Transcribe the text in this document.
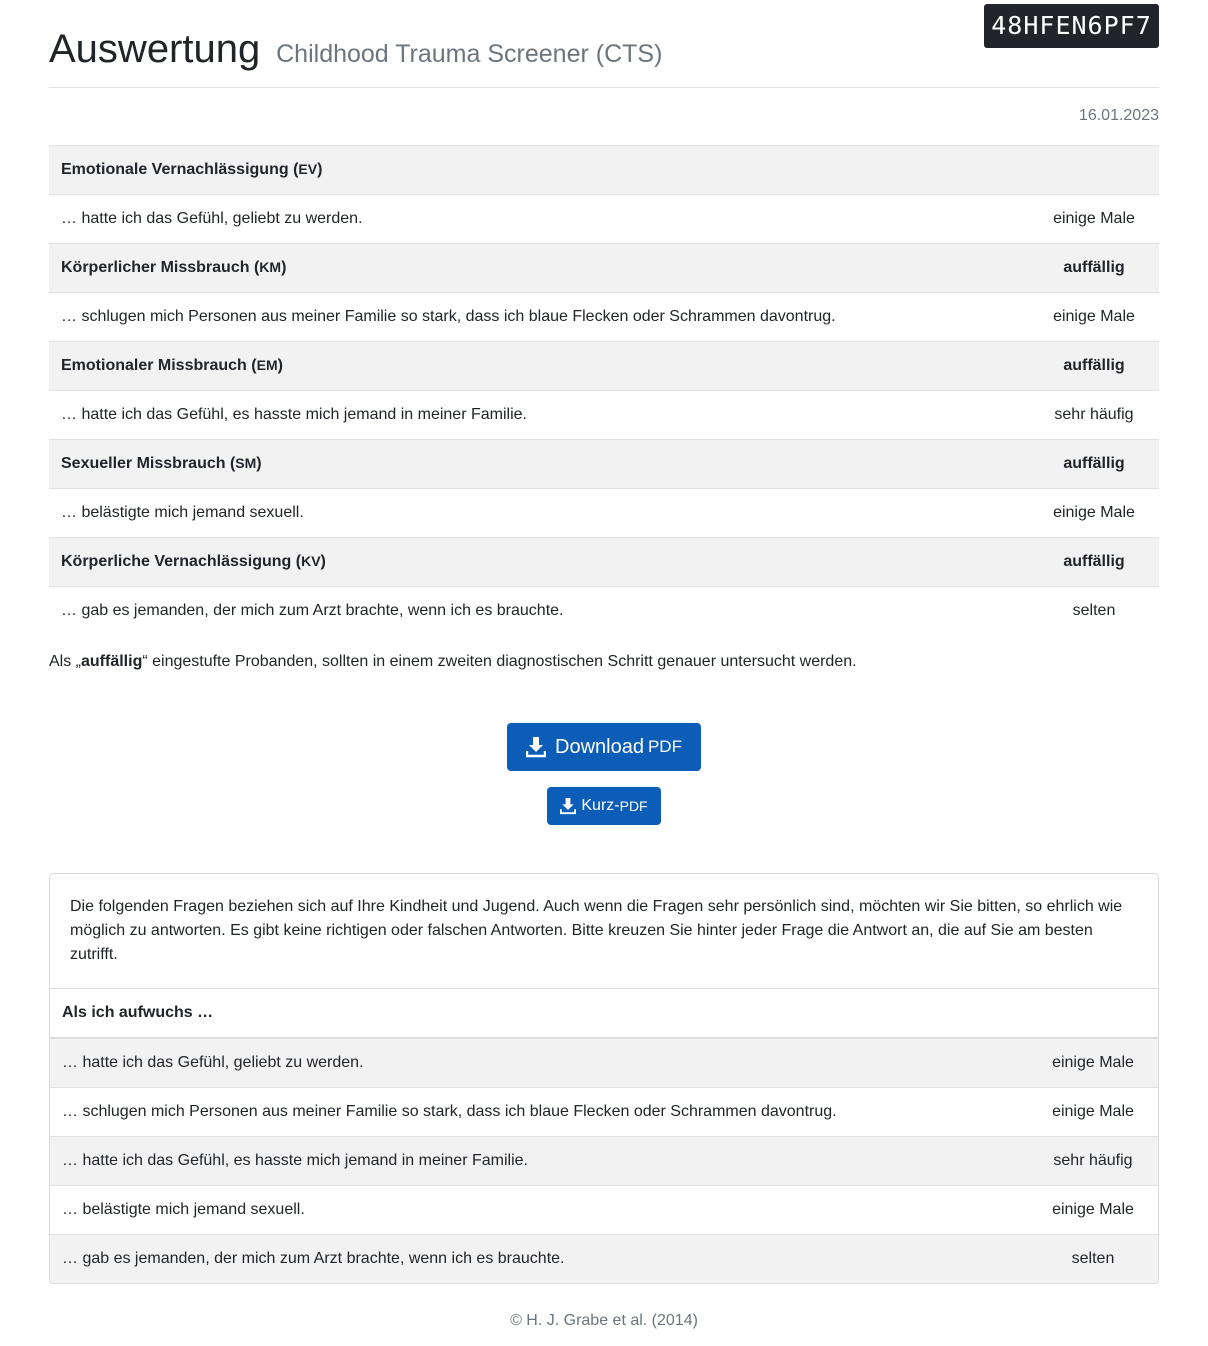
48HFEN6PF7
Auswertung Childhood Trauma Screener (CTS)
16.01.2023
Emotionale Vernachlässigung (EV)	
… hatte ich das Gefühl, geliebt zu werden.	einige Male
Körperlicher Missbrauch (KM)	auffällig
… schlugen mich Personen aus meiner Familie so stark, dass ich blaue Flecken oder Schrammen davontrug.	einige Male
Emotionaler Missbrauch (EM)	auffällig
… hatte ich das Gefühl, es hasste mich jemand in meiner Familie.	sehr häufig
Sexueller Missbrauch (SM)	auffällig
… belästigte mich jemand sexuell.	einige Male
Körperliche Vernachlässigung (KV)	auffällig
… gab es jemanden, der mich zum Arzt brachte, wenn ich es brauchte.	selten
Als „auffällig“ eingestufte Probanden, sollten in einem zweiten diagnostischen Schritt genauer untersucht werden.
Download PDF
Kurz- PDF
Die folgenden Fragen beziehen sich auf Ihre Kindheit und Jugend. Auch wenn die Fragen sehr persönlich sind, möchten wir Sie bitten, so ehrlich wie möglich zu antworten. Es gibt keine richtigen oder falschen Antworten. Bitte kreuzen Sie hinter jeder Frage die Antwort an, die auf Sie am besten zutrifft.
Als ich aufwuchs …
… hatte ich das Gefühl, geliebt zu werden.	einige Male
… schlugen mich Personen aus meiner Familie so stark, dass ich blaue Flecken oder Schrammen davontrug.	einige Male
… hatte ich das Gefühl, es hasste mich jemand in meiner Familie.	sehr häufig
… belästigte mich jemand sexuell.	einige Male
… gab es jemanden, der mich zum Arzt brachte, wenn ich es brauchte.	selten
© H. J. Grabe et al. (2014)
